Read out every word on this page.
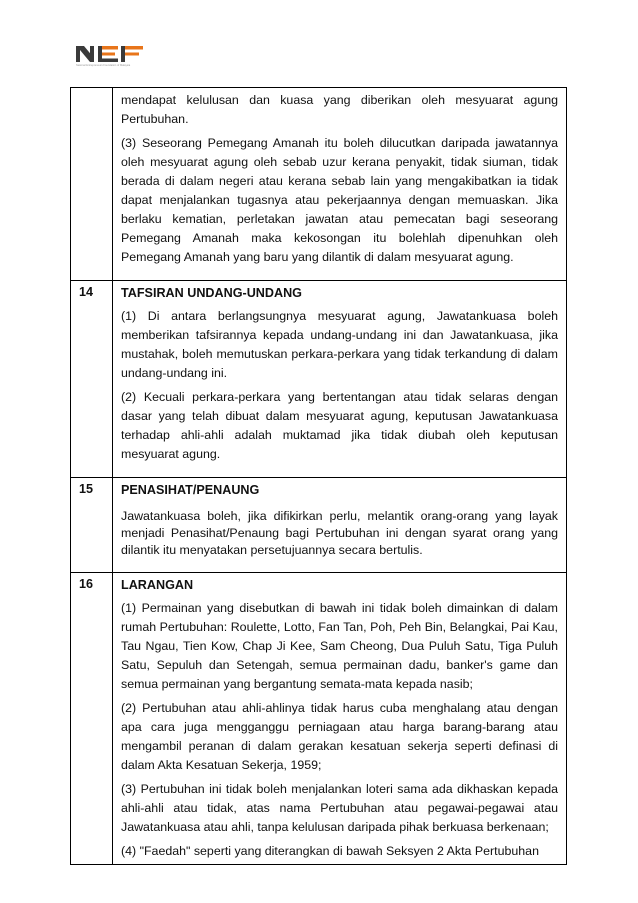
National Entrepreneurs Foundation of Malaysia

	mendapat kelulusan dan kuasa yang diberikan oleh mesyuarat agung Pertubuhan.

(3) Seseorang Pemegang Amanah itu boleh dilucutkan daripada jawatannya oleh mesyuarat agung oleh sebab uzur kerana penyakit, tidak siuman, tidak berada di dalam negeri atau kerana sebab lain yang mengakibatkan ia tidak dapat menjalankan tugasnya atau pekerjaannya dengan memuaskan. Jika berlaku kematian, perletakan jawatan atau pemecatan bagi seseorang Pemegang Amanah maka kekosongan itu bolehlah dipenuhkan oleh Pemegang Amanah yang baru yang dilantik di dalam mesyuarat agung.

14	TAFSIRAN UNDANG-UNDANG

(1) Di antara berlangsungnya mesyuarat agung, Jawatankuasa boleh memberikan tafsirannya kepada undang-undang ini dan Jawatankuasa, jika mustahak, boleh memutuskan perkara-perkara yang tidak terkandung di dalam undang-undang ini.

(2) Kecuali perkara-perkara yang bertentangan atau tidak selaras dengan dasar yang telah dibuat dalam mesyuarat agung, keputusan Jawatankuasa terhadap ahli-ahli adalah muktamad jika tidak diubah oleh keputusan mesyuarat agung.

15	PENASIHAT/PENAUNG

Jawatankuasa boleh, jika difikirkan perlu, melantik orang-orang yang layak menjadi Penasihat/Penaung bagi Pertubuhan ini dengan syarat orang yang dilantik itu menyatakan persetujuannya secara bertulis.

16	LARANGAN

(1) Permainan yang disebutkan di bawah ini tidak boleh dimainkan di dalam rumah Pertubuhan: Roulette, Lotto, Fan Tan, Poh, Peh Bin, Belangkai, Pai Kau, Tau Ngau, Tien Kow, Chap Ji Kee, Sam Cheong, Dua Puluh Satu, Tiga Puluh Satu, Sepuluh dan Setengah, semua permainan dadu, banker's game dan semua permainan yang bergantung semata-mata kepada nasib;

(2) Pertubuhan atau ahli-ahlinya tidak harus cuba menghalang atau dengan apa cara juga mengganggu perniagaan atau harga barang-barang atau mengambil peranan di dalam gerakan kesatuan sekerja seperti definasi di dalam Akta Kesatuan Sekerja, 1959;

(3) Pertubuhan ini tidak boleh menjalankan loteri sama ada dikhaskan kepada ahli-ahli atau tidak, atas nama Pertubuhan atau pegawai-pegawai atau Jawatankuasa atau ahli, tanpa kelulusan daripada pihak berkuasa berkenaan;

(4) "Faedah" seperti yang diterangkan di bawah Seksyen 2 Akta Pertubuhan
